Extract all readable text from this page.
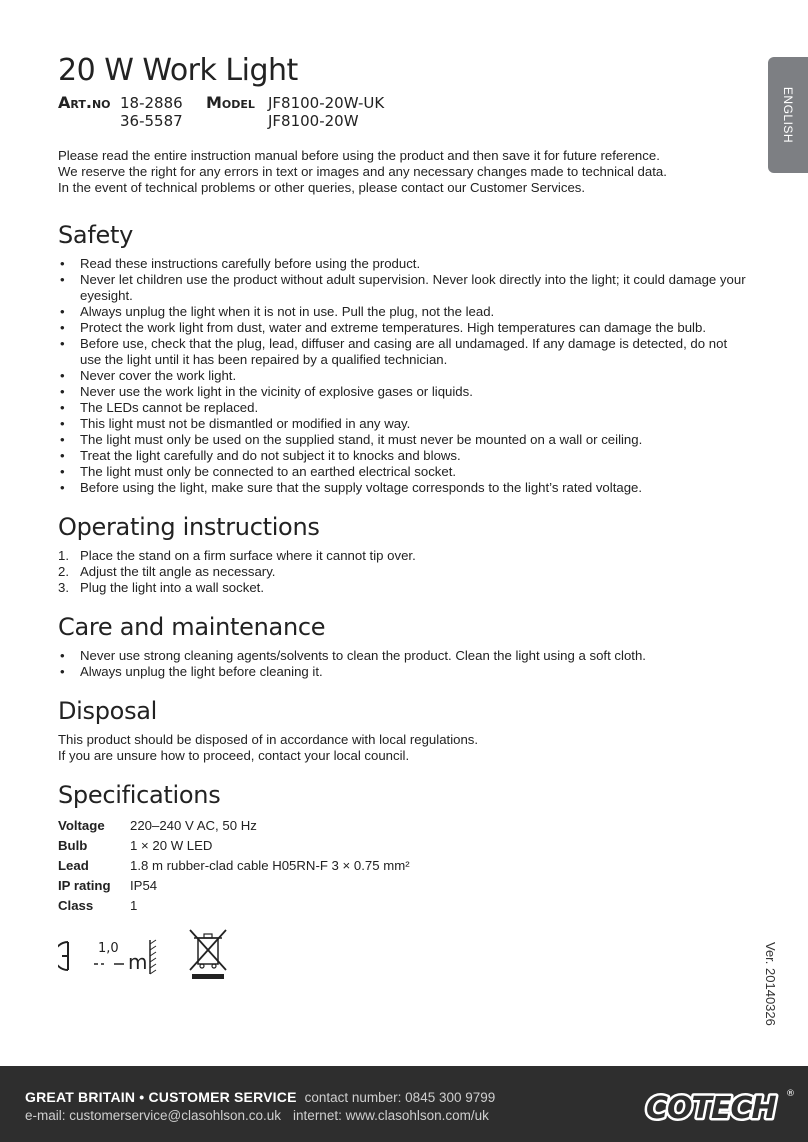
20 W Work Light
Art.no 18-2886
36-5587
Model JF8100-20W-UK
JF8100-20W

Please read the entire instruction manual before using the product and then save it for future reference.

We reserve the right for any errors in text or images and any necessary changes made to technical data.

In the event of technical problems or other queries, please contact our Customer Services.

Safety
• Read these instructions carefully before using the product.
• Never let children use the product without adult supervision. Never look directly into the light; it could damage your eyesight.
• Always unplug the light when it is not in use. Pull the plug, not the lead.
• Protect the work light from dust, water and extreme temperatures. High temperatures can damage the bulb.
• Before use, check that the plug, lead, diffuser and casing are all undamaged. If any damage is detected, do not use the light until it has been repaired by a qualified technician.
• Never cover the work light.
• Never use the work light in the vicinity of explosive gases or liquids.
• The LEDs cannot be replaced.
• This light must not be dismantled or modified in any way.
• The light must only be used on the supplied stand, it must never be mounted on a wall or ceiling.
• Treat the light carefully and do not subject it to knocks and blows.
• The light must only be connected to an earthed electrical socket.
• Before using the light, make sure that the supply voltage corresponds to the light’s rated voltage.
Operating instructions
1. Place the stand on a firm surface where it cannot tip over.
2. Adjust the tilt angle as necessary.
3. Plug the light into a wall socket.
Care and maintenance
• Never use strong cleaning agents/solvents to clean the product. Clean the light using a soft cloth.
• Always unplug the light before cleaning it.
Disposal

This product should be disposed of in accordance with local regulations.

If you are unsure how to proceed, contact your local council.

Specifications
Voltage	220–240 V AC, 50 Hz
Bulb	1 × 20 W LED
Lead	1.8 m rubber-clad cable H05RN-F 3 × 0.75 mm²
IP rating	IP54
Class	1
1,0
m
ENGLISH
Ver. 20140326
GREAT BRITAIN • CUSTOMER SERVICE contact number: 0845 300 9799
e-mail: customerservice@clasohlson.co.uk internet: www.clasohlson.com/uk	COTECH ®
